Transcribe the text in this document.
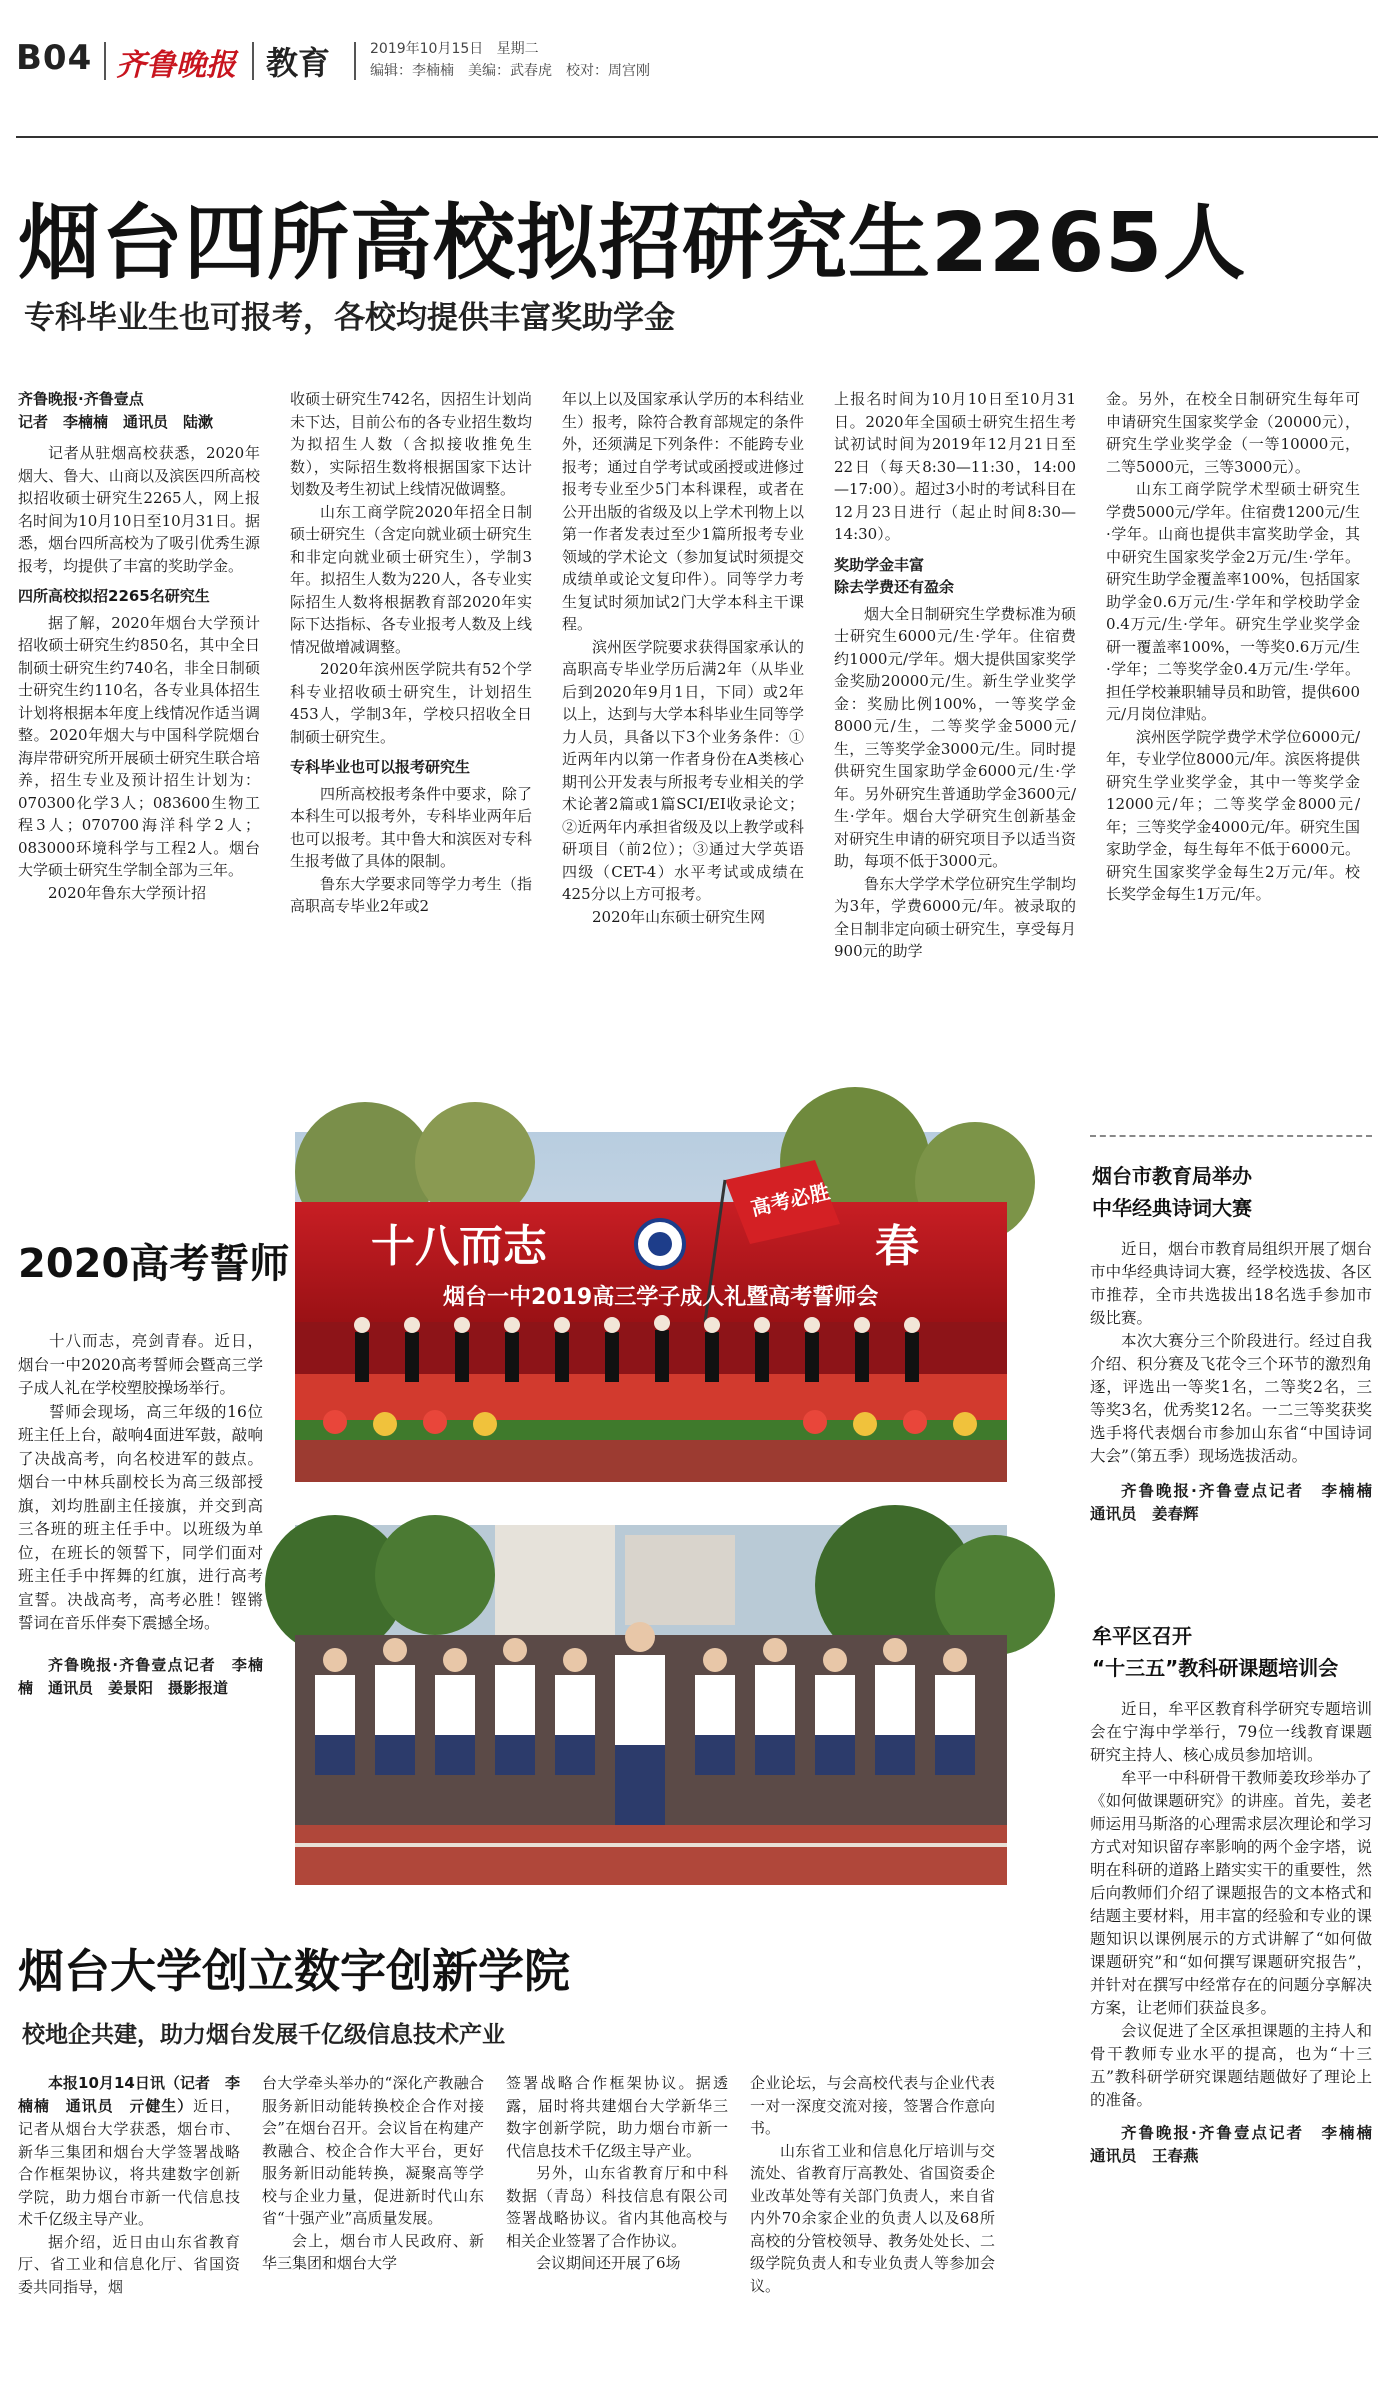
B04 齐鲁晚报 教育	2019年10月15日 星期二
编辑：李楠楠　美编：武春虎　校对：周宫刚
烟台四所高校拟招研究生2265人
专科毕业生也可报考，各校均提供丰富奖助学金
齐鲁晚报·齐鲁壹点
记者　李楠楠　通讯员　陆漱

记者从驻烟高校获悉，2020年烟大、鲁大、山商以及滨医四所高校拟招收硕士研究生2265人，网上报名时间为10月10日至10月31日。据悉，烟台四所高校为了吸引优秀生源报考，均提供了丰富的奖助学金。

四所高校拟招2265名研究生

据了解，2020年烟台大学预计招收硕士研究生约850名，其中全日制硕士研究生约740名，非全日制硕士研究生约110名，各专业具体招生计划将根据本年度上线情况作适当调整。2020年烟大与中国科学院烟台海岸带研究所开展硕士研究生联合培养，招生专业及预计招生计划为：070300化学3人；083600生物工程3人；070700海洋科学2人；083000环境科学与工程2人。烟台大学硕士研究生学制全部为三年。

2020年鲁东大学预计招

收硕士研究生742名，因招生计划尚未下达，目前公布的各专业招生数均为拟招生人数（含拟接收推免生数），实际招生数将根据国家下达计划数及考生初试上线情况做调整。

山东工商学院2020年招全日制硕士研究生（含定向就业硕士研究生和非定向就业硕士研究生），学制3年。拟招生人数为220人，各专业实际招生人数将根据教育部2020年实际下达指标、各专业报考人数及上线情况做增减调整。

2020年滨州医学院共有52个学科专业招收硕士研究生，计划招生453人，学制3年，学校只招收全日制硕士研究生。

专科毕业也可以报考研究生

四所高校报考条件中要求，除了本科生可以报考外，专科毕业两年后也可以报考。其中鲁大和滨医对专科生报考做了具体的限制。

鲁东大学要求同等学力考生（指高职高专毕业2年或2

年以上以及国家承认学历的本科结业生）报考，除符合教育部规定的条件外，还须满足下列条件：不能跨专业报考；通过自学考试或函授或进修过报考专业至少5门本科课程，或者在公开出版的省级及以上学术刊物上以第一作者发表过至少1篇所报考专业领域的学术论文（参加复试时须提交成绩单或论文复印件）。同等学力考生复试时须加试2门大学本科主干课程。

滨州医学院要求获得国家承认的高职高专毕业学历后满2年（从毕业后到2020年9月1日，下同）或2年以上，达到与大学本科毕业生同等学力人员，具备以下3个业务条件：①近两年内以第一作者身份在A类核心期刊公开发表与所报考专业相关的学术论著2篇或1篇SCI/EI收录论文；②近两年内承担省级及以上教学或科研项目（前2位）；③通过大学英语四级（CET-4）水平考试或成绩在425分以上方可报考。

2020年山东硕士研究生网

上报名时间为10月10日至10月31日。2020年全国硕士研究生招生考试初试时间为2019年12月21日至22日（每天8:30—11:30，14:00—17:00）。超过3小时的考试科目在12月23日进行（起止时间8:30—14:30）。

奖助学金丰富

除去学费还有盈余

烟大全日制研究生学费标准为硕士研究生6000元/生·学年。住宿费约1000元/学年。烟大提供国家奖学金奖励20000元/生。新生学业奖学金：奖励比例100%，一等奖学金8000元/生，二等奖学金5000元/生，三等奖学金3000元/生。同时提供研究生国家助学金6000元/生·学年。另外研究生普通助学金3600元/生·学年。烟台大学研究生创新基金对研究生申请的研究项目予以适当资助，每项不低于3000元。

鲁东大学学术学位研究生学制均为3年，学费6000元/年。被录取的全日制非定向硕士研究生，享受每月900元的助学

金。另外，在校全日制研究生每年可申请研究生国家奖学金（20000元），研究生学业奖学金（一等10000元，二等5000元，三等3000元）。

山东工商学院学术型硕士研究生学费5000元/学年。住宿费1200元/生·学年。山商也提供丰富奖助学金，其中研究生国家奖学金2万元/生·学年。研究生助学金覆盖率100%，包括国家助学金0.6万元/生·学年和学校助学金0.4万元/生·学年。研究生学业奖学金研一覆盖率100%，一等奖0.6万元/生·学年；二等奖学金0.4万元/生·学年。担任学校兼职辅导员和助管，提供600元/月岗位津贴。

滨州医学院学费学术学位6000元/年，专业学位8000元/年。滨医将提供研究生学业奖学金，其中一等奖学金12000元/年；二等奖学金8000元/年；三等奖学金4000元/年。研究生国家助学金，每生每年不低于6000元。研究生国家奖学金每生2万元/年。校长奖学金每生1万元/年。

2020高考誓师 十八而志	春
烟台一中2019高三学子成人礼暨高考誓师会
高考必胜

十八而志，亮剑青春。近日，烟台一中2020高考誓师会暨高三学子成人礼在学校塑胶操场举行。

誓师会现场，高三年级的16位班主任上台，敲响4面进军鼓，敲响了决战高考，向名校进军的鼓点。烟台一中林兵副校长为高三级部授旗，刘均胜副主任接旗，并交到高三各班的班主任手中。以班级为单位，在班长的领誓下，同学们面对班主任手中挥舞的红旗，进行高考宣誓。决战高考，高考必胜！铿锵誓词在音乐伴奏下震撼全场。

齐鲁晚报·齐鲁壹点记者　李楠楠　通讯员　姜景阳　摄影报道

烟台大学创立数字创新学院
校地企共建，助力烟台发展千亿级信息技术产业

本报10月14日讯（记者　李楠楠　通讯员　亓健生）近日，记者从烟台大学获悉，烟台市、新华三集团和烟台大学签署战略合作框架协议，将共建数字创新学院，助力烟台市新一代信息技术千亿级主导产业。

据介绍，近日由山东省教育厅、省工业和信息化厅、省国资委共同指导，烟

台大学牵头举办的“深化产教融合 服务新旧动能转换校企合作对接会”在烟台召开。会议旨在构建产教融合、校企合作大平台，更好服务新旧动能转换，凝聚高等学校与企业力量，促进新时代山东省“十强产业”高质量发展。

会上，烟台市人民政府、新华三集团和烟台大学

签署战略合作框架协议。据透露，届时将共建烟台大学新华三数字创新学院，助力烟台市新一代信息技术千亿级主导产业。

另外，山东省教育厅和中科数据（青岛）科技信息有限公司签署战略协议。省内其他高校与相关企业签署了合作协议。

会议期间还开展了6场

企业论坛，与会高校代表与企业代表一对一深度交流对接，签署合作意向书。

山东省工业和信息化厅培训与交流处、省教育厅高教处、省国资委企业改革处等有关部门负责人，来自省内外70余家企业的负责人以及68所高校的分管校领导、教务处处长、二级学院负责人和专业负责人等参加会议。

烟台市教育局举办
中华经典诗词大赛

近日，烟台市教育局组织开展了烟台市中华经典诗词大赛，经学校选拔、各区市推荐，全市共选拔出18名选手参加市级比赛。

本次大赛分三个阶段进行。经过自我介绍、积分赛及飞花令三个环节的激烈角逐，评选出一等奖1名，二等奖2名，三等奖3名，优秀奖12名。一二三等奖获奖选手将代表烟台市参加山东省“中国诗词大会”（第五季）现场选拔活动。

齐鲁晚报·齐鲁壹点记者　李楠楠　通讯员　姜春辉

牟平区召开
“十三五”教科研课题培训会

近日，牟平区教育科学研究专题培训会在宁海中学举行，79位一线教育课题研究主持人、核心成员参加培训。

牟平一中科研骨干教师姜玫珍举办了《如何做课题研究》的讲座。首先，姜老师运用马斯洛的心理需求层次理论和学习方式对知识留存率影响的两个金字塔，说明在科研的道路上踏实实干的重要性，然后向教师们介绍了课题报告的文本格式和结题主要材料，用丰富的经验和专业的课题知识以课例展示的方式讲解了“如何做课题研究”和“如何撰写课题研究报告”，并针对在撰写中经常存在的问题分享解决方案，让老师们获益良多。

会议促进了全区承担课题的主持人和骨干教师专业水平的提高，也为“十三五”教科研学研究课题结题做好了理论上的准备。

齐鲁晚报·齐鲁壹点记者　李楠楠　通讯员　王春燕
